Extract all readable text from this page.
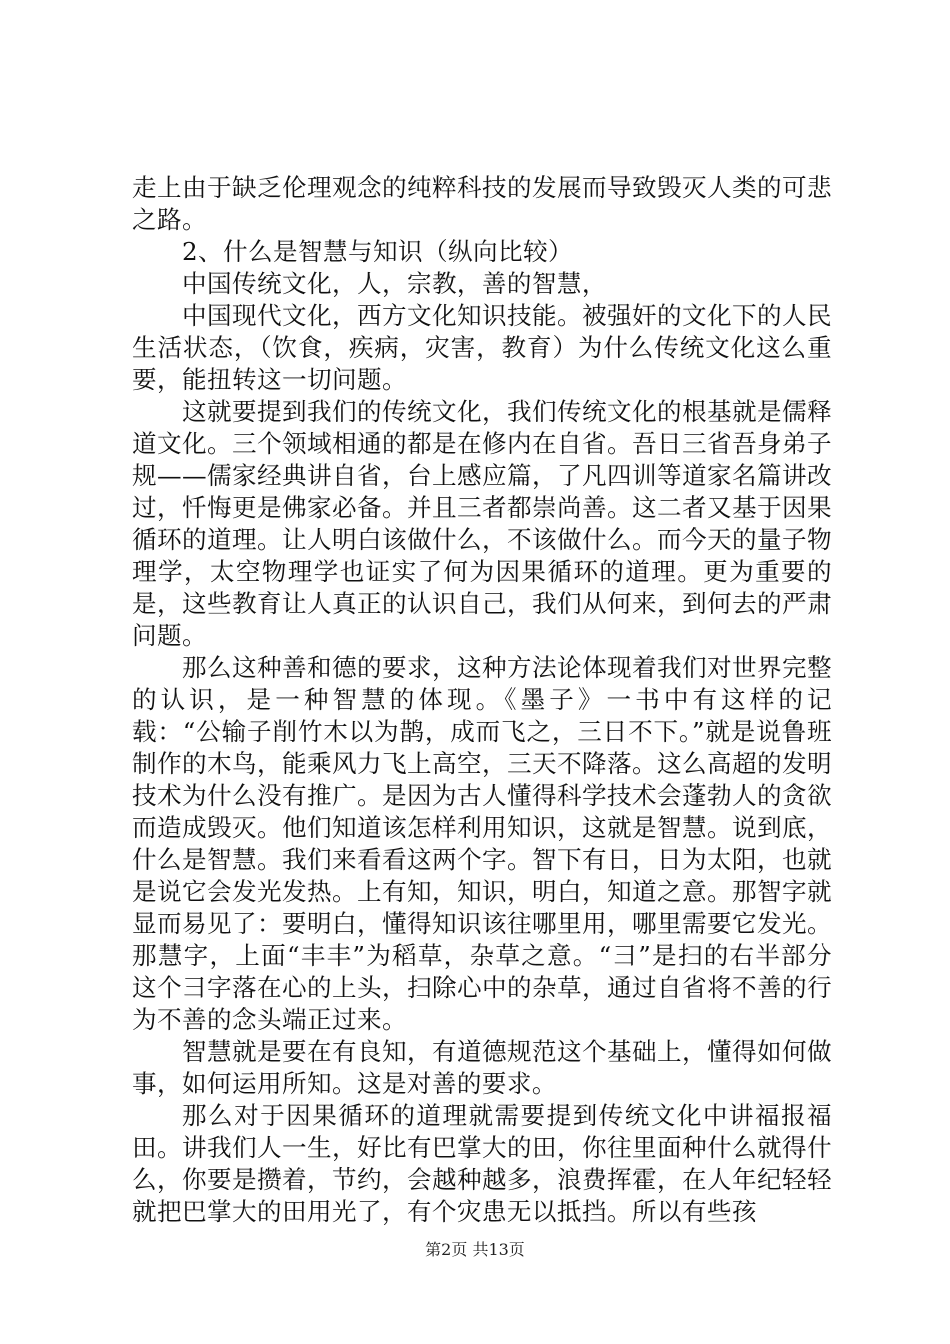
走上由于缺乏伦理观念的纯粹科技的发展而导致毁灭人类的可悲之路。

2、什么是智慧与知识（纵向比较）

中国传统文化，人，宗教，善的智慧，

中国现代文化，西方文化知识技能。被强奸的文化下的人民生活状态，（饮食，疾病，灾害，教育）为什么传统文化这么重要，能扭转这一切问题。

这就要提到我们的传统文化，我们传统文化的根基就是儒释道文化。三个领域相通的都是在修内在自省。吾日三省吾身弟子规——儒家经典讲自省，台上感应篇，了凡四训等道家名篇讲改过，忏悔更是佛家必备。并且三者都崇尚善。这二者又基于因果循环的道理。让人明白该做什么，不该做什么。而今天的量子物理学，太空物理学也证实了何为因果循环的道理。更为重要的是，这些教育让人真正的认识自己，我们从何来，到何去的严肃问题。

那么这种善和德的要求，这种方法论体现着我们对世界完整的认识，是一种智慧的体现。《墨子》一书中有这样的记载：“公输子削竹木以为鹊，成而飞之，三日不下。”就是说鲁班制作的木鸟，能乘风力飞上高空，三天不降落。这么高超的发明技术为什么没有推广。是因为古人懂得科学技术会蓬勃人的贪欲而造成毁灭。他们知道该怎样利用知识，这就是智慧。说到底，什么是智慧。我们来看看这两个字。智下有日，日为太阳，也就是说它会发光发热。上有知，知识，明白，知道之意。那智字就显而易见了：要明白，懂得知识该往哪里用，哪里需要它发光。那慧字，上面“丰丰”为稻草，杂草之意。“彐”是扫的右半部分这个彐字落在心的上头，扫除心中的杂草，通过自省将不善的行为不善的念头端正过来。

智慧就是要在有良知，有道德规范这个基础上，懂得如何做事，如何运用所知。这是对善的要求。

那么对于因果循环的道理就需要提到传统文化中讲福报福田。讲我们人一生，好比有巴掌大的田，你往里面种什么就得什么，你要是攒着，节约，会越种越多，浪费挥霍，在人年纪轻轻就把巴掌大的田用光了，有个灾患无以抵挡。所以有些孩

第2页 共13页
